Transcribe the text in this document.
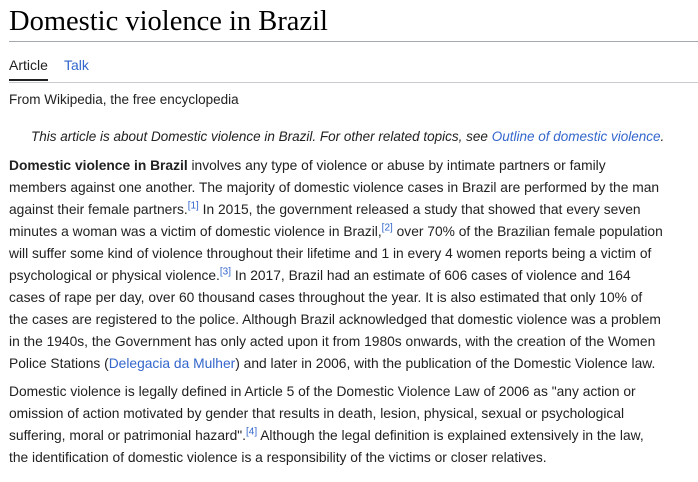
Domestic violence in Brazil
Article Talk
From Wikipedia, the free encyclopedia
This article is about Domestic violence in Brazil. For other related topics, see Outline of domestic violence.

Domestic violence in Brazil involves any type of violence or abuse by intimate partners or family
members against one another. The majority of domestic violence cases in Brazil are performed by the man
against their female partners.[1] In 2015, the government released a study that showed that every seven
minutes a woman was a victim of domestic violence in Brazil,[2] over 70% of the Brazilian female population
will suffer some kind of violence throughout their lifetime and 1 in every 4 women reports being a victim of
psychological or physical violence.[3] In 2017, Brazil had an estimate of 606 cases of violence and 164
cases of rape per day, over 60 thousand cases throughout the year. It is also estimated that only 10% of
the cases are registered to the police. Although Brazil acknowledged that domestic violence was a problem
in the 1940s, the Government has only acted upon it from 1980s onwards, with the creation of the Women
Police Stations (Delegacia da Mulher) and later in 2006, with the publication of the Domestic Violence law.

Domestic violence is legally defined in Article 5 of the Domestic Violence Law of 2006 as "any action or
omission of action motivated by gender that results in death, lesion, physical, sexual or psychological
suffering, moral or patrimonial hazard".[4] Although the legal definition is explained extensively in the law,
the identification of domestic violence is a responsibility of the victims or closer relatives.
